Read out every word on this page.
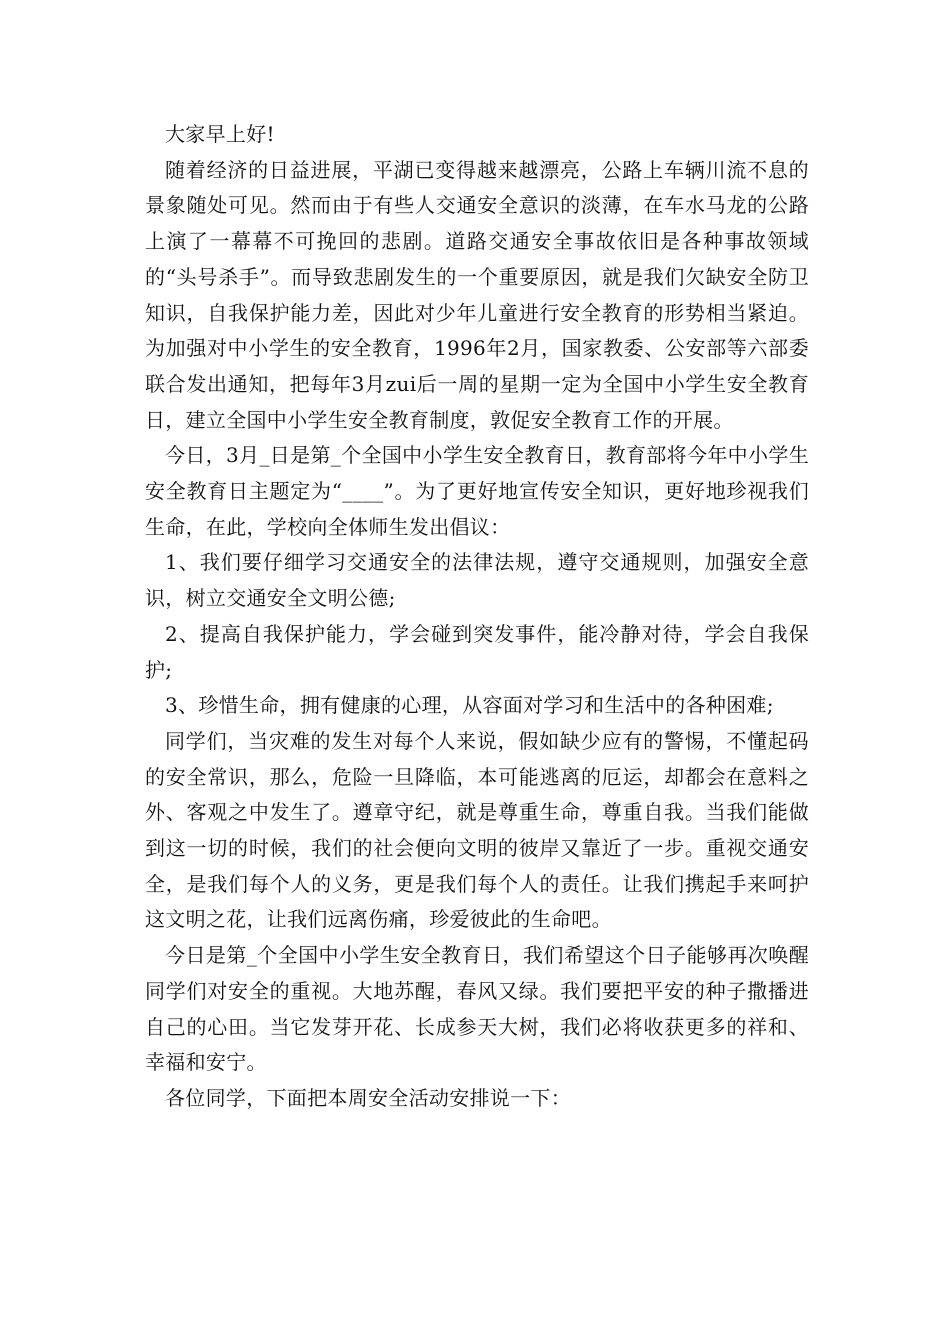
大家早上好!

随着经济的日益进展，平湖已变得越来越漂亮，公路上车辆川流不息的景象随处可见。然而由于有些人交通安全意识的淡薄，在车水马龙的公路上演了一幕幕不可挽回的悲剧。道路交通安全事故依旧是各种事故领域的“头号杀手”。而导致悲剧发生的一个重要原因，就是我们欠缺安全防卫知识，自我保护能力差，因此对少年儿童进行安全教育的形势相当紧迫。为加强对中小学生的安全教育，1996年2月，国家教委、公安部等六部委联合发出通知，把每年3月zui后一周的星期一定为全国中小学生安全教育日，建立全国中小学生安全教育制度，敦促安全教育工作的开展。

今日，3月_日是第_个全国中小学生安全教育日，教育部将今年中小学生安全教育日主题定为“____”。为了更好地宣传安全知识，更好地珍视我们生命，在此，学校向全体师生发出倡议：

1、我们要仔细学习交通安全的法律法规，遵守交通规则，加强安全意识，树立交通安全文明公德;

2、提高自我保护能力，学会碰到突发事件，能冷静对待，学会自我保护;

3、珍惜生命，拥有健康的心理，从容面对学习和生活中的各种困难;

同学们，当灾难的发生对每个人来说，假如缺少应有的警惕，不懂起码的安全常识，那么，危险一旦降临，本可能逃离的厄运，却都会在意料之外、客观之中发生了。遵章守纪，就是尊重生命，尊重自我。当我们能做到这一切的时候，我们的社会便向文明的彼岸又靠近了一步。重视交通安全，是我们每个人的义务，更是我们每个人的责任。让我们携起手来呵护这文明之花，让我们远离伤痛，珍爱彼此的生命吧。

今日是第_个全国中小学生安全教育日，我们希望这个日子能够再次唤醒同学们对安全的重视。大地苏醒，春风又绿。我们要把平安的种子撒播进自己的心田。当它发芽开花、长成参天大树，我们必将收获更多的祥和、幸福和安宁。

各位同学，下面把本周安全活动安排说一下：
